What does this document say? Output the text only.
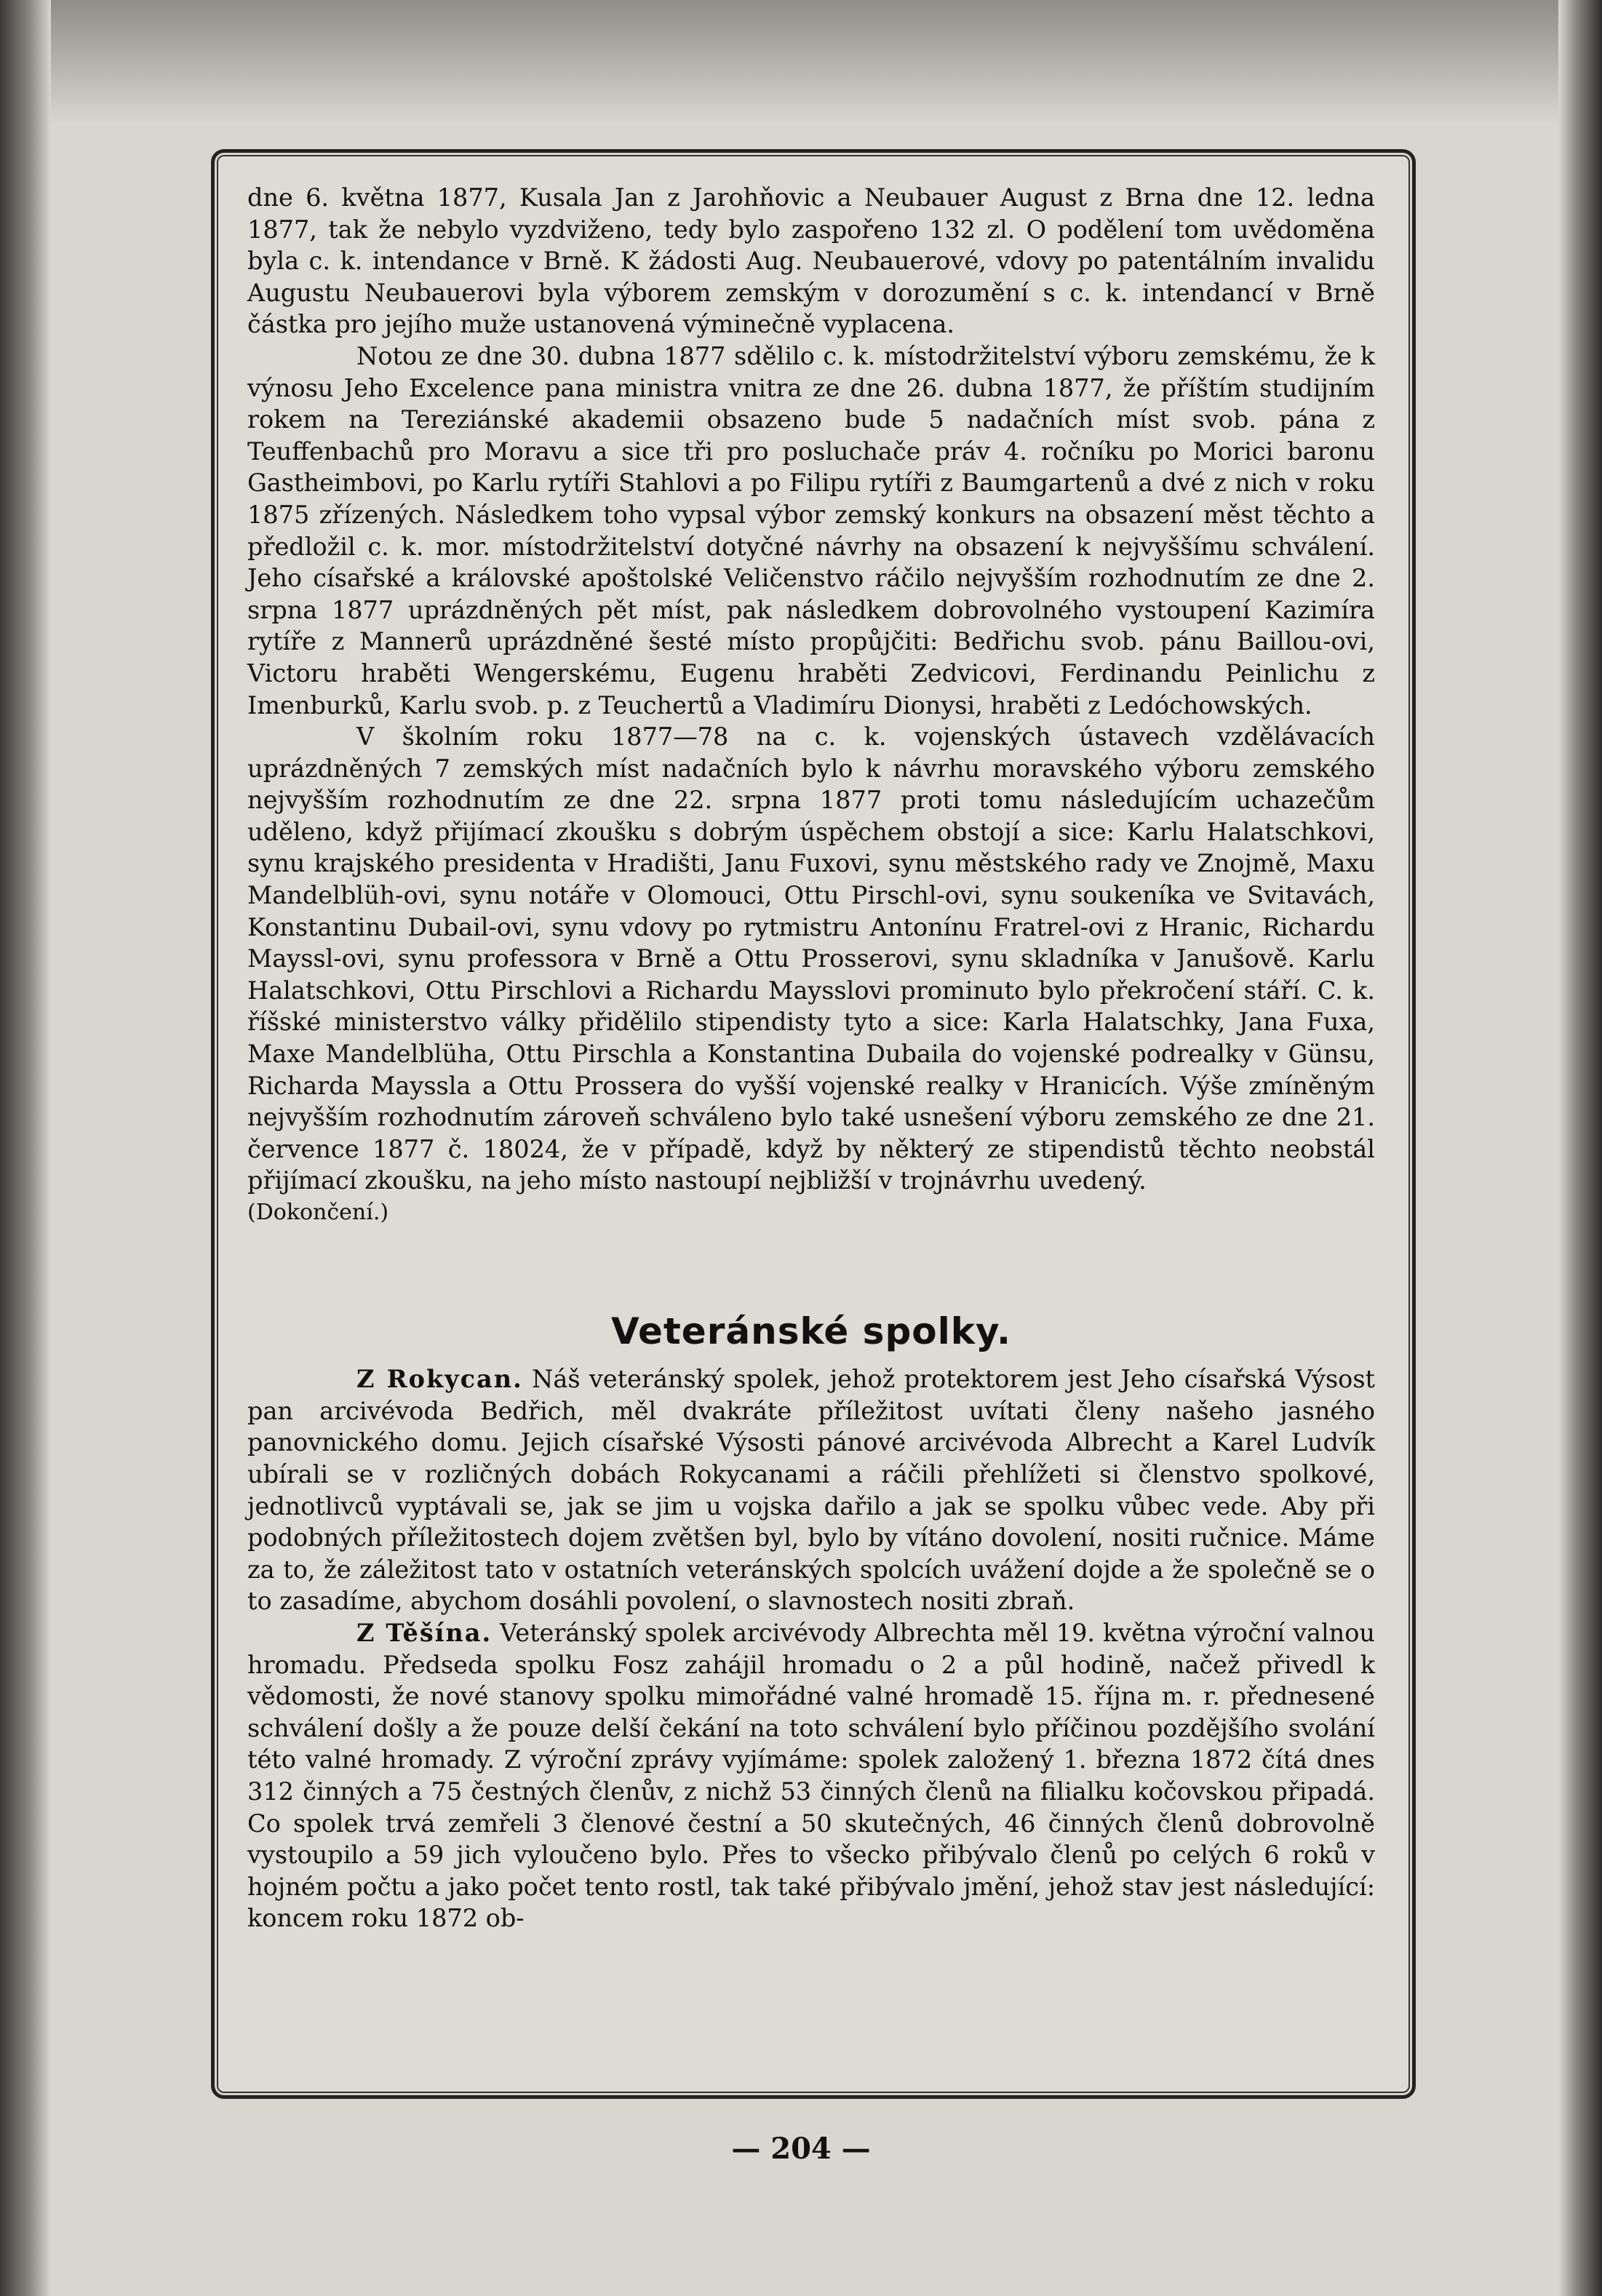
dne 6. května 1877, Kusala Jan z Jarohňovic a Neubauer August z Brna dne 12. ledna 1877, tak že nebylo vyzdviženo, tedy bylo zaspořeno 132 zl. O podělení tom uvědoměna byla c. k. intendance v Brně. K žádosti Aug. Neubauerové, vdovy po patentálním invalidu Augustu Neubauerovi byla výborem zemským v dorozumění s c. k. intendancí v Brně částka pro jejího muže ustanovená výminečně vyplacena.

Notou ze dne 30. dubna 1877 sdělilo c. k. místodržitelství výboru zemskému, že k výnosu Jeho Excelence pana ministra vnitra ze dne 26. dubna 1877, že příštím studijním rokem na Tereziánské akademii obsazeno bude 5 nadačních míst svob. pána z Teuffenbachů pro Moravu a sice tři pro posluchače práv 4. ročníku po Morici baronu Gastheimbovi, po Karlu rytíři Stahlovi a po Filipu rytíři z Baumgartenů a dvé z nich v roku 1875 zřízených. Následkem toho vypsal výbor zemský konkurs na obsazení měst těchto a předložil c. k. mor. místodržitelství dotyčné návrhy na obsazení k nejvyššímu schválení. Jeho císařské a královské apoštolské Veličenstvo ráčilo nejvyšším rozhodnutím ze dne 2. srpna 1877 uprázdněných pět míst, pak následkem dobrovolného vystoupení Kazimíra rytíře z Mannerů uprázdněné šesté místo propůjčiti: Bedřichu svob. pánu Baillou-ovi, Victoru hraběti Wengerskému, Eugenu hraběti Zedvicovi, Ferdinandu Peinlichu z Imenburků, Karlu svob. p. z Teuchertů a Vladimíru Dionysi, hraběti z Ledóchowských.

V školním roku 1877—78 na c. k. vojenských ústavech vzdělávacích uprázdněných 7 zemských míst nadačních bylo k návrhu moravského výboru zemského nejvyšším rozhodnutím ze dne 22. srpna 1877 proti tomu následujícím uchazečům uděleno, když přijímací zkoušku s dobrým úspěchem obstojí a sice: Karlu Halatschkovi, synu krajského presidenta v Hradišti, Janu Fuxovi, synu městského rady ve Znojmě, Maxu Mandelblüh-ovi, synu notáře v Olomouci, Ottu Pirschl-ovi, synu soukeníka ve Svitavách, Konstantinu Dubail-ovi, synu vdovy po rytmistru Antonínu Fratrel-ovi z Hranic, Richardu Mayssl-ovi, synu professora v Brně a Ottu Prosserovi, synu skladníka v Janušově. Karlu Halatschkovi, Ottu Pirschlovi a Richardu Maysslovi prominuto bylo překročení stáří. C. k. říšské ministerstvo války přidělilo stipendisty tyto a sice: Karla Halatschky, Jana Fuxa, Maxe Mandelblüha, Ottu Pirschla a Konstantina Dubaila do vojenské podrealky v Günsu, Richarda Mayssla a Ottu Prossera do vyšší vojenské realky v Hranicích. Výše zmíněným nejvyšším rozhodnutím zároveň schváleno bylo také usnešení výboru zemského ze dne 21. července 1877 č. 18024, že v případě, když by některý ze stipendistů těchto neobstál přijímací zkoušku, na jeho místo nastoupí nejbližší v trojnávrhu uvedený.

(Dokončení.)

Veteránské spolky.

Z Rokycan. Náš veteránský spolek, jehož protektorem jest Jeho císařská Výsost pan arcivévoda Bedřich, měl dvakráte příležitost uvítati členy našeho jasného panovnického domu. Jejich císařské Výsosti pánové arcivévoda Albrecht a Karel Ludvík ubírali se v rozličných dobách Rokycanami a ráčili přehlížeti si členstvo spolkové, jednotlivců vyptávali se, jak se jim u vojska dařilo a jak se spolku vůbec vede. Aby při podobných příležitostech dojem zvětšen byl, bylo by vítáno dovolení, nositi ručnice. Máme za to, že záležitost tato v ostatních veteránských spolcích uvážení dojde a že společně se o to zasadíme, abychom dosáhli povolení, o slavnostech nositi zbraň.

Z Těšína. Veteránský spolek arcivévody Albrechta měl 19. května výroční valnou hromadu. Předseda spolku Fosz zahájil hromadu o 2 a půl hodině, načež přivedl k vědomosti, že nové stanovy spolku mimořádné valné hromadě 15. října m. r. přednesené schválení došly a že pouze delší čekání na toto schválení bylo příčinou pozdějšího svolání této valné hromady. Z výroční zprávy vyjímáme: spolek založený 1. března 1872 čítá dnes 312 činných a 75 čestných členův, z nichž 53 činných členů na filialku kočovskou připadá. Co spolek trvá zemřeli 3 členové čestní a 50 skutečných, 46 činných členů dobrovolně vystoupilo a 59 jich vyloučeno bylo. Přes to všecko přibývalo členů po celých 6 roků v hojném počtu a jako počet tento rostl, tak také přibývalo jmění, jehož stav jest následující: koncem roku 1872 ob-

— 204 —
